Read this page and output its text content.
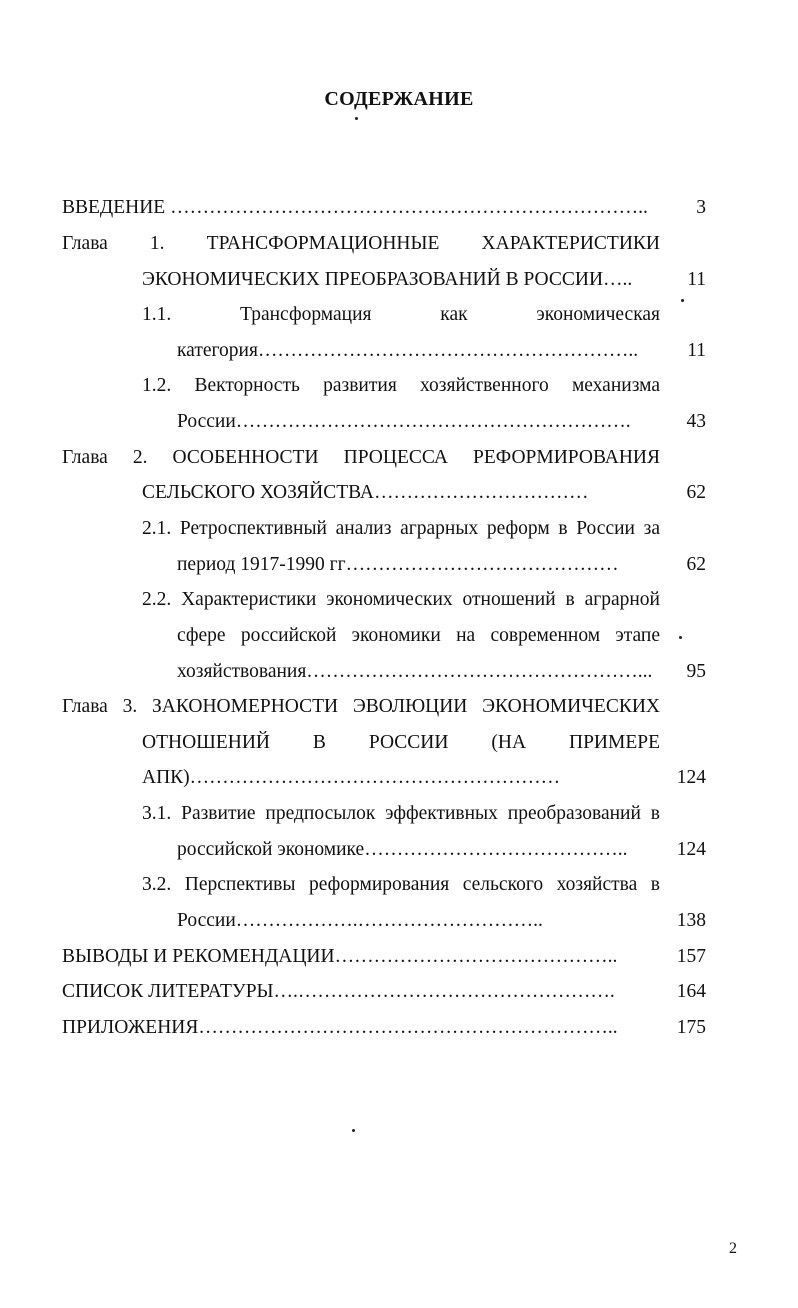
СОДЕРЖАНИЕ
ВВЕДЕНИЕ ………………………………………………………………..	3
Глава 1. ТРАНСФОРМАЦИОННЫЕ ХАРАКТЕРИСТИКИ
ЭКОНОМИЧЕСКИХ ПРЕОБРАЗОВАНИЙ В РОССИИ…..	11
1.1. Трансформация как экономическая
категория…………………………………………………..	11
1.2. Векторность развития хозяйственного механизма
России…………………………………………………….	43
Глава 2. ОСОБЕННОСТИ ПРОЦЕССА РЕФОРМИРОВАНИЯ
СЕЛЬСКОГО ХОЗЯЙСТВА……………………………	62
2.1. Ретроспективный анализ аграрных реформ в России за
период 1917-1990 гг……………………………………	62
2.2. Характеристики экономических отношений в аграрной
сфере российской экономики на современном этапе
хозяйствования……………………………………………...	95
Глава 3. ЗАКОНОМЕРНОСТИ ЭВОЛЮЦИИ ЭКОНОМИЧЕСКИХ
ОТНОШЕНИЙ В РОССИИ (НА ПРИМЕРЕ
АПК)…………………………………………………	124
3.1. Развитие предпосылок эффективных преобразований в
российской экономике…………………………………..	124
3.2. Перспективы реформирования сельского хозяйства в
России……………….………………………..	138
ВЫВОДЫ И РЕКОМЕНДАЦИИ……………………………………..	157
СПИСОК ЛИТЕРАТУРЫ….………………………………………….	164
ПРИЛОЖЕНИЯ………………………………………………………..	175
2
